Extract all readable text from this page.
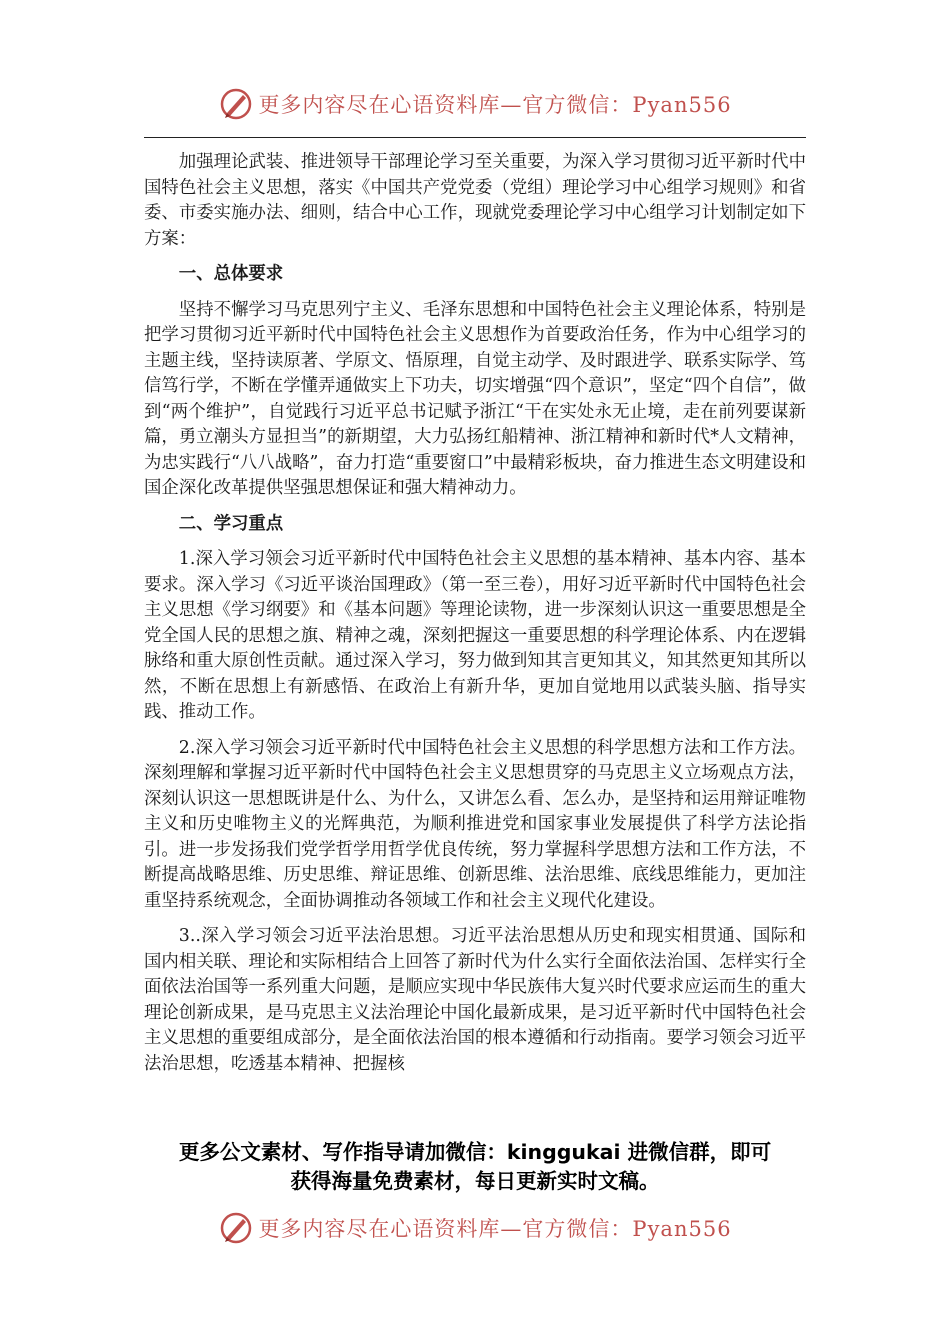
更多内容尽在心语资料库—官方微信：Pyan556

加强理论武装、推进领导干部理论学习至关重要，为深入学习贯彻习近平新时代中国特色社会主义思想，落实《中国共产党党委（党组）理论学习中心组学习规则》和省委、市委实施办法、细则，结合中心工作，现就党委理论学习中心组学习计划制定如下方案：

一、总体要求

坚持不懈学习马克思列宁主义、毛泽东思想和中国特色社会主义理论体系，特别是把学习贯彻习近平新时代中国特色社会主义思想作为首要政治任务，作为中心组学习的主题主线，坚持读原著、学原文、悟原理，自觉主动学、及时跟进学、联系实际学、笃信笃行学，不断在学懂弄通做实上下功夫，切实增强“四个意识”，坚定“四个自信”，做到“两个维护”，自觉践行习近平总书记赋予浙江“干在实处永无止境，走在前列要谋新篇，勇立潮头方显担当”的新期望，大力弘扬红船精神、浙江精神和新时代*人文精神，为忠实践行“八八战略”，奋力打造“重要窗口”中最精彩板块，奋力推进生态文明建设和国企深化改革提供坚强思想保证和强大精神动力。

二、学习重点

1.深入学习领会习近平新时代中国特色社会主义思想的基本精神、基本内容、基本要求。深入学习《习近平谈治国理政》（第一至三卷），用好习近平新时代中国特色社会主义思想《学习纲要》和《基本问题》等理论读物，进一步深刻认识这一重要思想是全党全国人民的思想之旗、精神之魂，深刻把握这一重要思想的科学理论体系、内在逻辑脉络和重大原创性贡献。通过深入学习，努力做到知其言更知其义，知其然更知其所以然，不断在思想上有新感悟、在政治上有新升华，更加自觉地用以武装头脑、指导实践、推动工作。

2.深入学习领会习近平新时代中国特色社会主义思想的科学思想方法和工作方法。深刻理解和掌握习近平新时代中国特色社会主义思想贯穿的马克思主义立场观点方法，深刻认识这一思想既讲是什么、为什么，又讲怎么看、怎么办，是坚持和运用辩证唯物主义和历史唯物主义的光辉典范，为顺利推进党和国家事业发展提供了科学方法论指引。进一步发扬我们党学哲学用哲学优良传统，努力掌握科学思想方法和工作方法，不断提高战略思维、历史思维、辩证思维、创新思维、法治思维、底线思维能力，更加注重坚持系统观念，全面协调推动各领域工作和社会主义现代化建设。

3..深入学习领会习近平法治思想。习近平法治思想从历史和现实相贯通、国际和国内相关联、理论和实际相结合上回答了新时代为什么实行全面依法治国、怎样实行全面依法治国等一系列重大问题，是顺应实现中华民族伟大复兴时代要求应运而生的重大理论创新成果，是马克思主义法治理论中国化最新成果，是习近平新时代中国特色社会主义思想的重要组成部分，是全面依法治国的根本遵循和行动指南。要学习领会习近平法治思想，吃透基本精神、把握核

更多公文素材、写作指导请加微信：kinggukai 进微信群，即可
获得海量免费素材，每日更新实时文稿。
更多内容尽在心语资料库—官方微信：Pyan556
